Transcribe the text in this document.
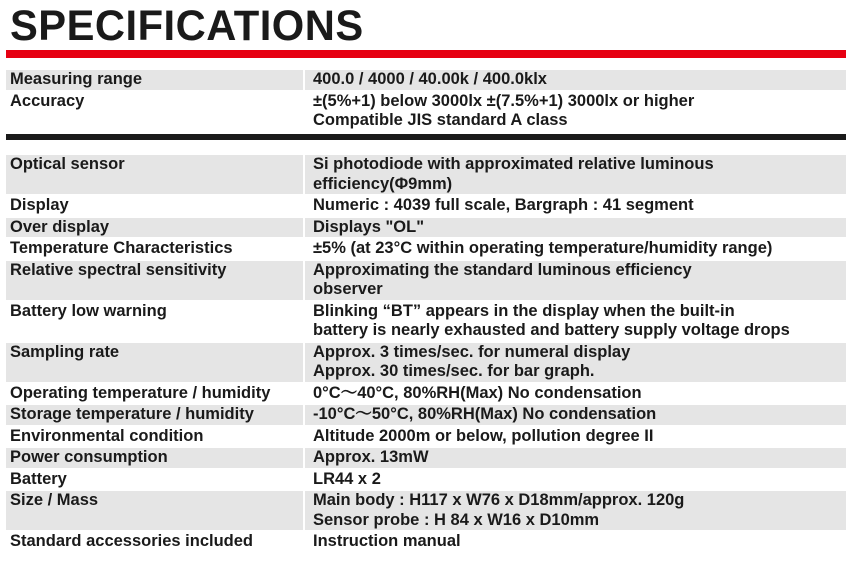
SPECIFICATIONS
Measuring range	400.0 / 4000 / 40.00k / 400.0klx
Accuracy	±(5%+1) below 3000lx ±(7.5%+1) 3000lx or higher
Compatible JIS standard A class
Optical sensor	Si photodiode with approximated relative luminous
efficiency(Φ9mm)
Display	Numeric : 4039 full scale, Bargraph : 41 segment
Over display	Displays "OL"
Temperature Characteristics	±5% (at 23°C within operating temperature/humidity range)
Relative spectral sensitivity	Approximating the standard luminous efficiency
observer
Battery low warning	Blinking “BT” appears in the display when the built-in
battery is nearly exhausted and battery supply voltage drops
Sampling rate	Approx. 3 times/sec. for numeral display
Approx. 30 times/sec. for bar graph.
Operating temperature / humidity	0°C～40°C, 80%RH(Max) No condensation
Storage temperature / humidity	-10°C～50°C, 80%RH(Max) No condensation
Environmental condition	Altitude 2000m or below, pollution degree II
Power consumption	Approx. 13mW
Battery	LR44 x 2
Size / Mass	Main body : H117 x W76 x D18mm/approx. 120g
Sensor probe : H 84 x W16 x D10mm
Standard accessories included	Instruction manual
